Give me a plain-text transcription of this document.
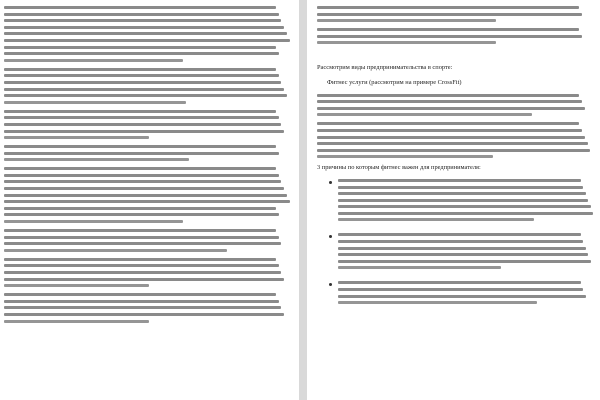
Рассмотрим виды предпринимательства в спорте:

Фитнес услуги (рассмотрим на примере CrossFit)

3 причины по которым фитнес важен для предпринимателя:
